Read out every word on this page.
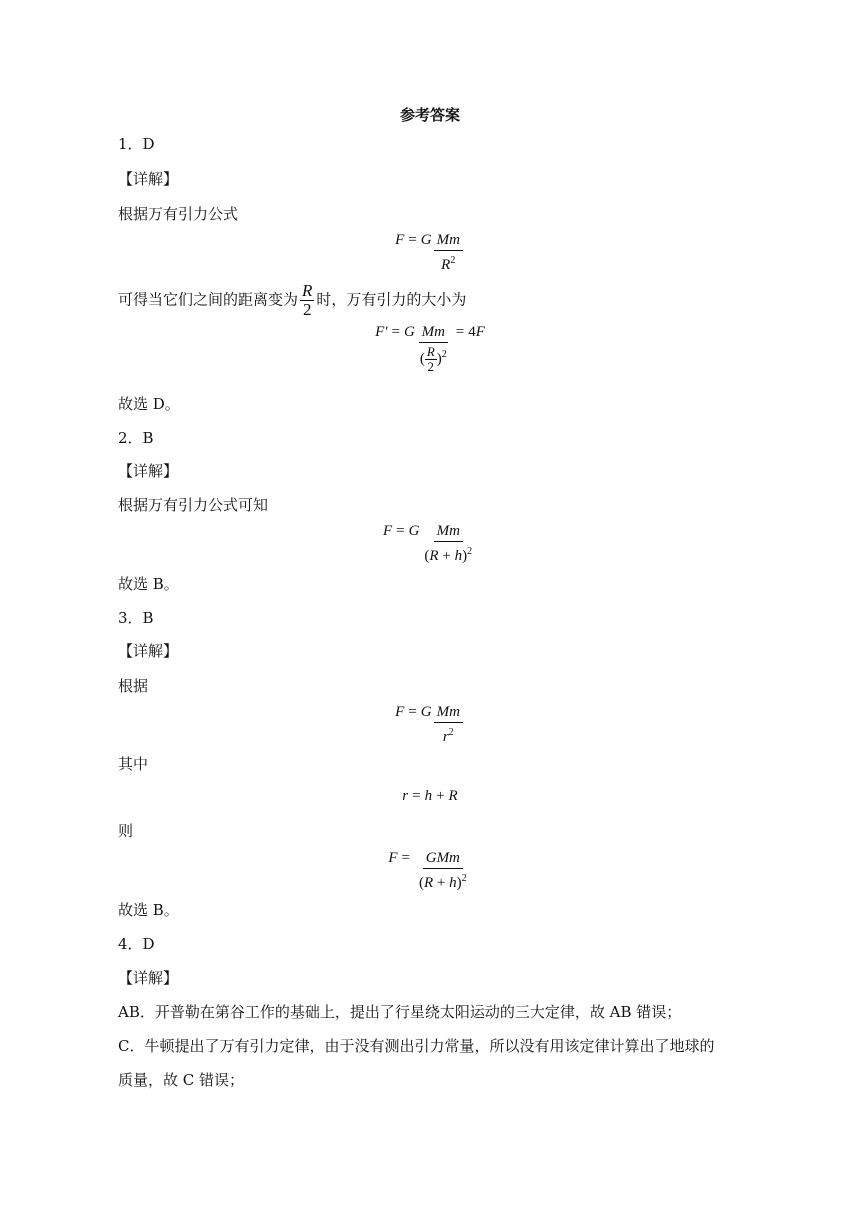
参考答案
1．D
【详解】
根据万有引力公式
F = G $\frac{Mm}{R^2}$
可得当它们之间的距离变为 $\frac{R}{2}$ 时，万有引力的大小为
F′ = G $\frac{Mm}{( \frac{R}{2} )^2} = 4F$
故选 D。
2．B
【详解】
根据万有引力公式可知
F = G $\frac{Mm}{(R + h)^2}$
故选 B。
3．B
【详解】
根据
F = G $\frac{Mm}{r^2}$
其中
r = h + R
则
$F = \frac{\text{GMm}}{(R + h)^2}$
故选 B。
4．D
【详解】
AB．开普勒在第谷工作的基础上，提出了行星绕太阳运动的三大定律，故 AB 错误；
C．牛顿提出了万有引力定律，由于没有测出引力常量，所以没有用该定律计算出了地球的
质量，故 C 错误；
